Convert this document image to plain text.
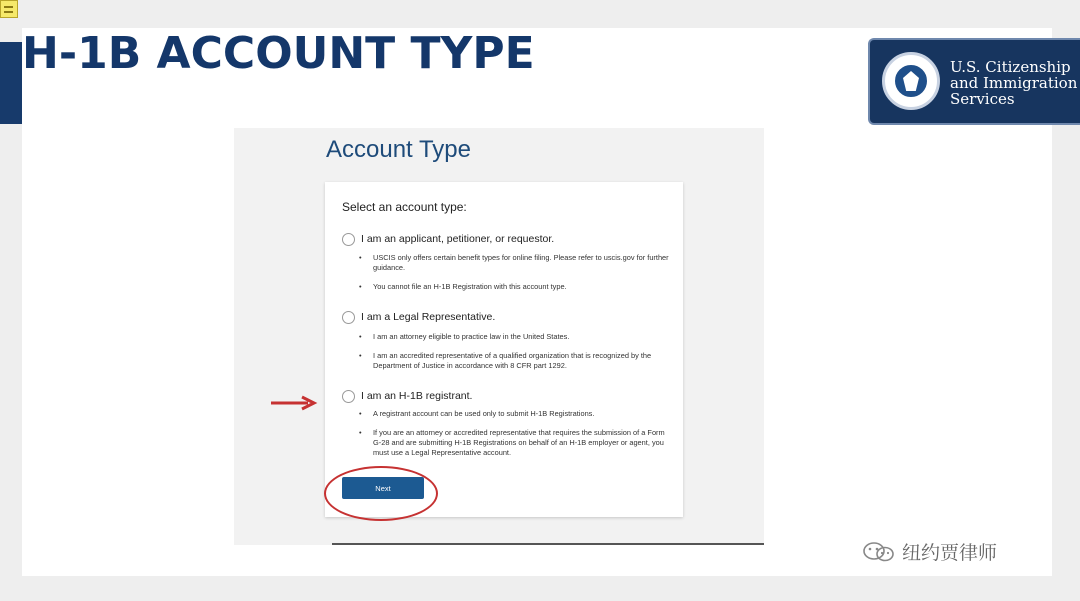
H-1B ACCOUNT TYPE	U.S. Citizenship
and Immigration
Services
Account Type
Select an account type:
I am an applicant, petitioner, or requestor.
• USCIS only offers certain benefit types for online filing. Please refer to uscis.gov for further guidance.
• You cannot file an H-1B Registration with this account type.
I am a Legal Representative.
• I am an attorney eligible to practice law in the United States.
• I am an accredited representative of a qualified organization that is recognized by the Department of Justice in accordance with 8 CFR part 1292.
I am an H-1B registrant.
• A registrant account can be used only to submit H-1B Registrations.
• If you are an attorney or accredited representative that requires the submission of a Form G-28 and are submitting H-1B Registrations on behalf of an H-1B employer or agent, you must use a Legal Representative account.
Next
纽约贾律师
